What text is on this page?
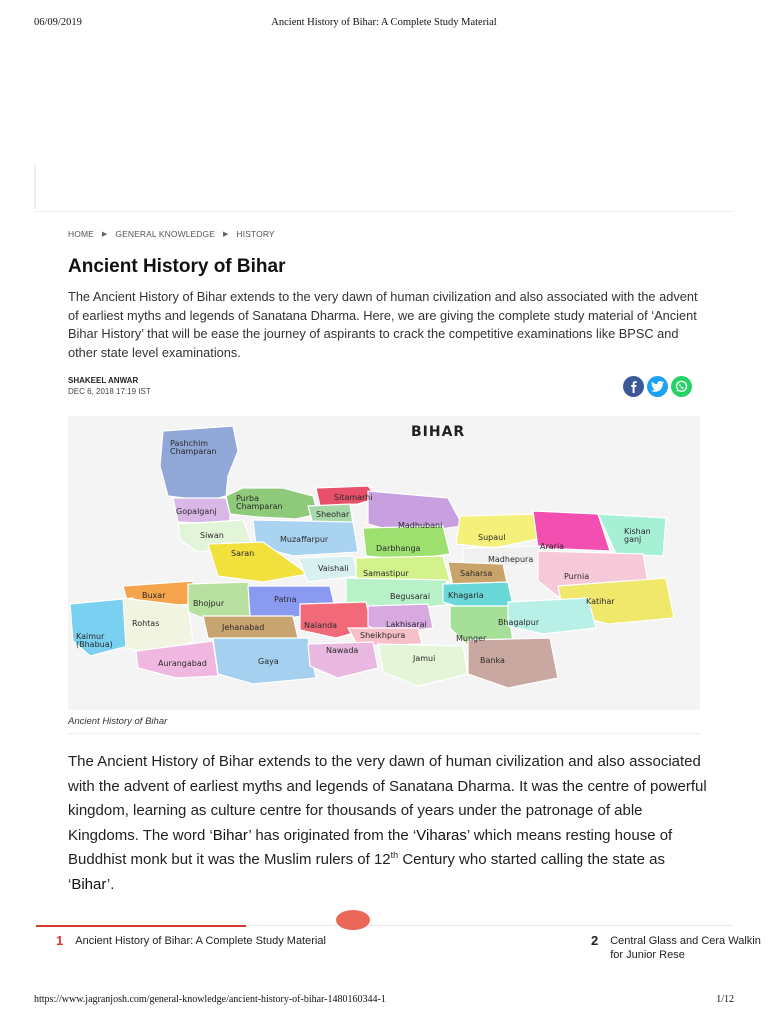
06/09/2019	Ancient History of Bihar: A Complete Study Material
HOME ▶ GENERAL KNOWLEDGE ▶ HISTORY
Ancient History of Bihar

The Ancient History of Bihar extends to the very dawn of human civilization and also associated with the advent of earliest myths and legends of Sanatana Dharma. Here, we are giving the complete study material of ‘Ancient Bihar History’ that will be ease the journey of aspirants to crack the competitive examinations like BPSC and other state level examinations.

SHAKEEL ANWAR
DEC 6, 2018 17:19 IST
BIHAR
Pashchim Champaran
Purba Champaran
Gopalganj
Sitamarhi
Sheohar
Madhubani
Supaul
Araria
Kishan ganj
Siwan	Muzaffarpur
Darbhanga
Madhepura
Saran
Vaishali
Samastipur	Saharsa	Purnia
Buxar
Bhojpur	Patna	Begusarai Khagaria
Katihar
Kaimur (Bhabua)
Rohtas	Jehanabad	Nalanda	Lakhisarai
Sheikhpura	Munger
Bhagalpur
Aurangabad	Gaya
Nawada
Jamui	Banka
Ancient History of Bihar

The Ancient History of Bihar extends to the very dawn of human civilization and also associated with the advent of earliest myths and legends of Sanatana Dharma. It was the centre of powerful kingdom, learning as culture centre for thousands of years under the patronage of able Kingdoms. The word ‘Bihar’ has originated from the ‘Viharas’ which means resting house of Buddhist monk but it was the Muslim rulers of 12th Century who started calling the state as ‘Bihar’.

1 Ancient History of Bihar: A Complete Study Material	2 Central Glass and Cera Walkin for Junior Rese
https://www.jagranjosh.com/general-knowledge/ancient-history-of-bihar-1480160344-1	1/12
